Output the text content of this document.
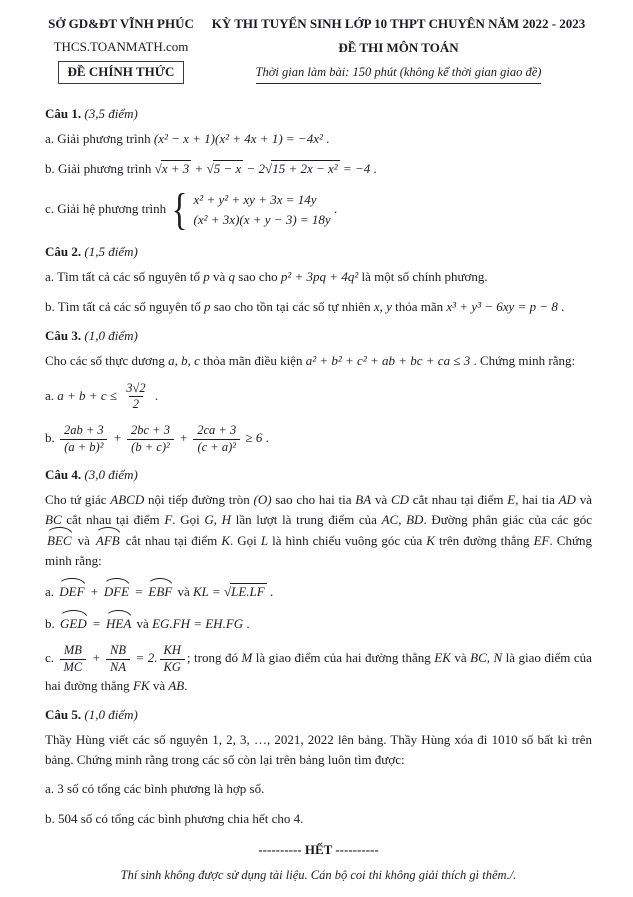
SỞ GD&ĐT VĨNH PHÚC
THCS.TOANMATH.com
ĐỀ CHÍNH THỨC
KỲ THI TUYỂN SINH LỚP 10 THPT CHUYÊN NĂM 2022 - 2023
ĐỀ THI MÔN TOÁN
Thời gian làm bài: 150 phút (không kể thời gian giao đề)
Câu 1. (3,5 điểm)
a. Giải phương trình (x² − x + 1)(x² + 4x + 1) = −4x² .
b. Giải phương trình √ x + 3 + √ 5 − x − 2 √ 15 + 2x − x² = −4 .
c. Giải hệ phương trình
{
x² + y² + xy + 3x = 14y
(x² + 3x)(x + y − 3) = 18y
.
Câu 2. (1,5 điểm)
a. Tìm tất cả các số nguyên tố p và q sao cho p² + 3pq + 4q² là một số chính phương.
b. Tìm tất cả các số nguyên tố p sao cho tồn tại các số tự nhiên x, y thỏa mãn x³ + y³ − 6xy = p − 8 .
Câu 3. (1,0 điểm)
Cho các số thực dương a, b, c thỏa mãn điều kiện a² + b² + c² + ab + bc + ca ≤ 3 . Chứng minh rằng:
a. $a + b + c \le \frac{3√2}{2}$ .
b. $\frac{2ab + 3}{\text{(a + b)²}} + \frac{2bc + 3}{\text{(b + c)²}} + \frac{2ca + 3}{\text{(c + a)²}} \ge 6$ .
Câu 4. (3,0 điểm)
Cho tứ giác ABCD nội tiếp đường tròn (O) sao cho hai tia BA và CD cắt nhau tại điểm E, hai tia AD và BC cắt nhau tại điểm F. Gọi G, H lần lượt là trung điểm của AC, BD. Đường phân giác của các góc BEC và AFB cắt nhau tại điểm K. Gọi L là hình chiếu vuông góc của K trên đường thẳng EF. Chứng minh rằng:
a. DEF + DFE = EBF và KL = √ LE.LF .
b. GED = HEA và EG.FH = EH.FG .
c. $\frac{MB}{MC} + \frac{NB}{NA} = 2$. $\frac{KH}{KG}$ ; trong đó M là giao điểm của hai đường thẳng EK và BC, N là giao điểm của hai đường thẳng FK và AB.
Câu 5. (1,0 điểm)
Thầy Hùng viết các số nguyên 1, 2, 3, …, 2021, 2022 lên bảng. Thầy Hùng xóa đi 1010 số bất kì trên bảng. Chứng minh rằng trong các số còn lại trên bảng luôn tìm được:
a. 3 số có tổng các bình phương là hợp số.
b. 504 số có tổng các bình phương chia hết cho 4.
---------- HẾT ----------
Thí sinh không được sử dụng tài liệu. Cán bộ coi thi không giải thích gì thêm./.
